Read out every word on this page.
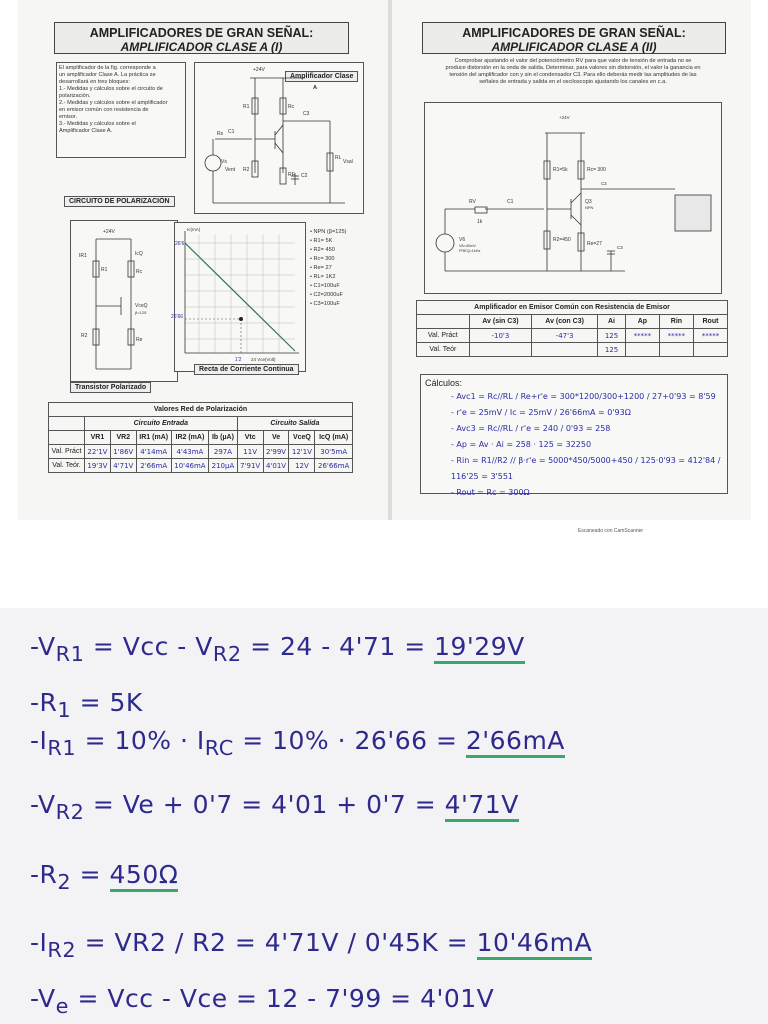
AMPLIFICADORES DE GRAN SEÑAL:
AMPLIFICADOR CLASE A (I)
El amplificador de la fig. corresponde a
un amplificador Clase A. La práctica se
desarrollará en tres bloques:
1.- Medidas y cálculos sobre el circuito de
polarización.
2.- Medidas y cálculos sobre el amplificador
en emisor común con resistencia de
emisor.
3.- Medidas y cálculos sobre el
Amplificador Clase A.
Amplificador Clase
A
+24V
R1	Rc
R2
RE
C1
C2
C3
Rs
Vs
Vent
RL
Vsal
CIRCUITO DE POLARIZACIÓN
+24V
IR1	IcQ
R1	Rc
VceQ
β=125
R2
Re
Transistor Polarizado
Ic(mA)
26'6
26'66
1'2 24 Vce(Volt)
Recta de Corriente Continua
• NPN (β=125)
• R1= 5K
• R2= 450
• Rc= 300
• Re= 27
• RL= 1K2
• C1=100uF
• C2=2000uF
• C3=100uF
Valores Red de Polarización									
	Circuito Entrada					Circuito Salida			
	VR1	VR2	IR1 (mA)	IR2 (mA)	Ib (µA)	Vtc	Ve	VceQ	IcQ (mA)
Val. Práct	22'1V	1'86V	4'14mA	4'43mA	297A	11V	2'99V	12'1V	30'5mA
Val. Teór.	19'3V	4'71V	2'66mA	10'46mA	210µA	7'91V	4'01V	12V	26'66mA
AMPLIFICADORES DE GRAN SEÑAL:
AMPLIFICADOR CLASE A (II)
Comprobar ajustando el valor del potenciómetro RV para que valor de tensión de entrada no se
produce distorsión en la onda de salida. Determinar, para valores sin distorsión, el valor la ganancia en
tensión del amplificador con y sin el condensador C3. Para ello deberás medir las amplitudes de las
señales de entrada y salida en el osciloscopio ajustando los canales en c.a.
+24V
R1=5k	Rc= 300
C2
Q3
NPN
RV
1k
C1
R2=450
Re=27
C3
V6
VA=40mV
FREQ=1kHz
Amplificador en Emisor Común con Resistencia de Emisor						
	Av (sin C3)	Av (con C3)	Ai	Ap	Rin	Rout
Val. Práct	-10'3	-47'3	125	*****	*****	*****
Val. Teór			125			
Cálculos:
- Avc1 = Rc//RL / Re+r'e = 300*1200/300+1200 / 27+0'93 = 8'59
- r'e = 25mV / Ic = 25mV / 26'66mA = 0'93Ω
- Avc3 = Rc//RL / r'e = 240 / 0'93 = 258
- Ap = Av · Ai = 258 · 125 = 32250
- Rin = R1//R2 // β·r'e = 5000*450/5000+450 / 125·0'93 = 412'84 / 116'25 = 3'551
- Rout = Rc = 300Ω
Escaneado con CamScanner
$-V_{R1}$ = Vcc - $V_{R2} = 24 - 4'71 = 19'29V$
$-R_1 = 5K$
$-I_{R1} = 10\% \cdot I_{RC} = 10\% \cdot 26'66 = 2'66mA$
$-V_{R2} = Ve + 0'7 = 4'01 + 0'7 = 4'71V$
$-R_2 = 450\Omega$
$-I_{R2} = VR2 / R2 = 4'71V / 0'45K = 10'46mA$
$-V_e$ = Vcc - Vce = 12 - 7'99 = 4'01V
